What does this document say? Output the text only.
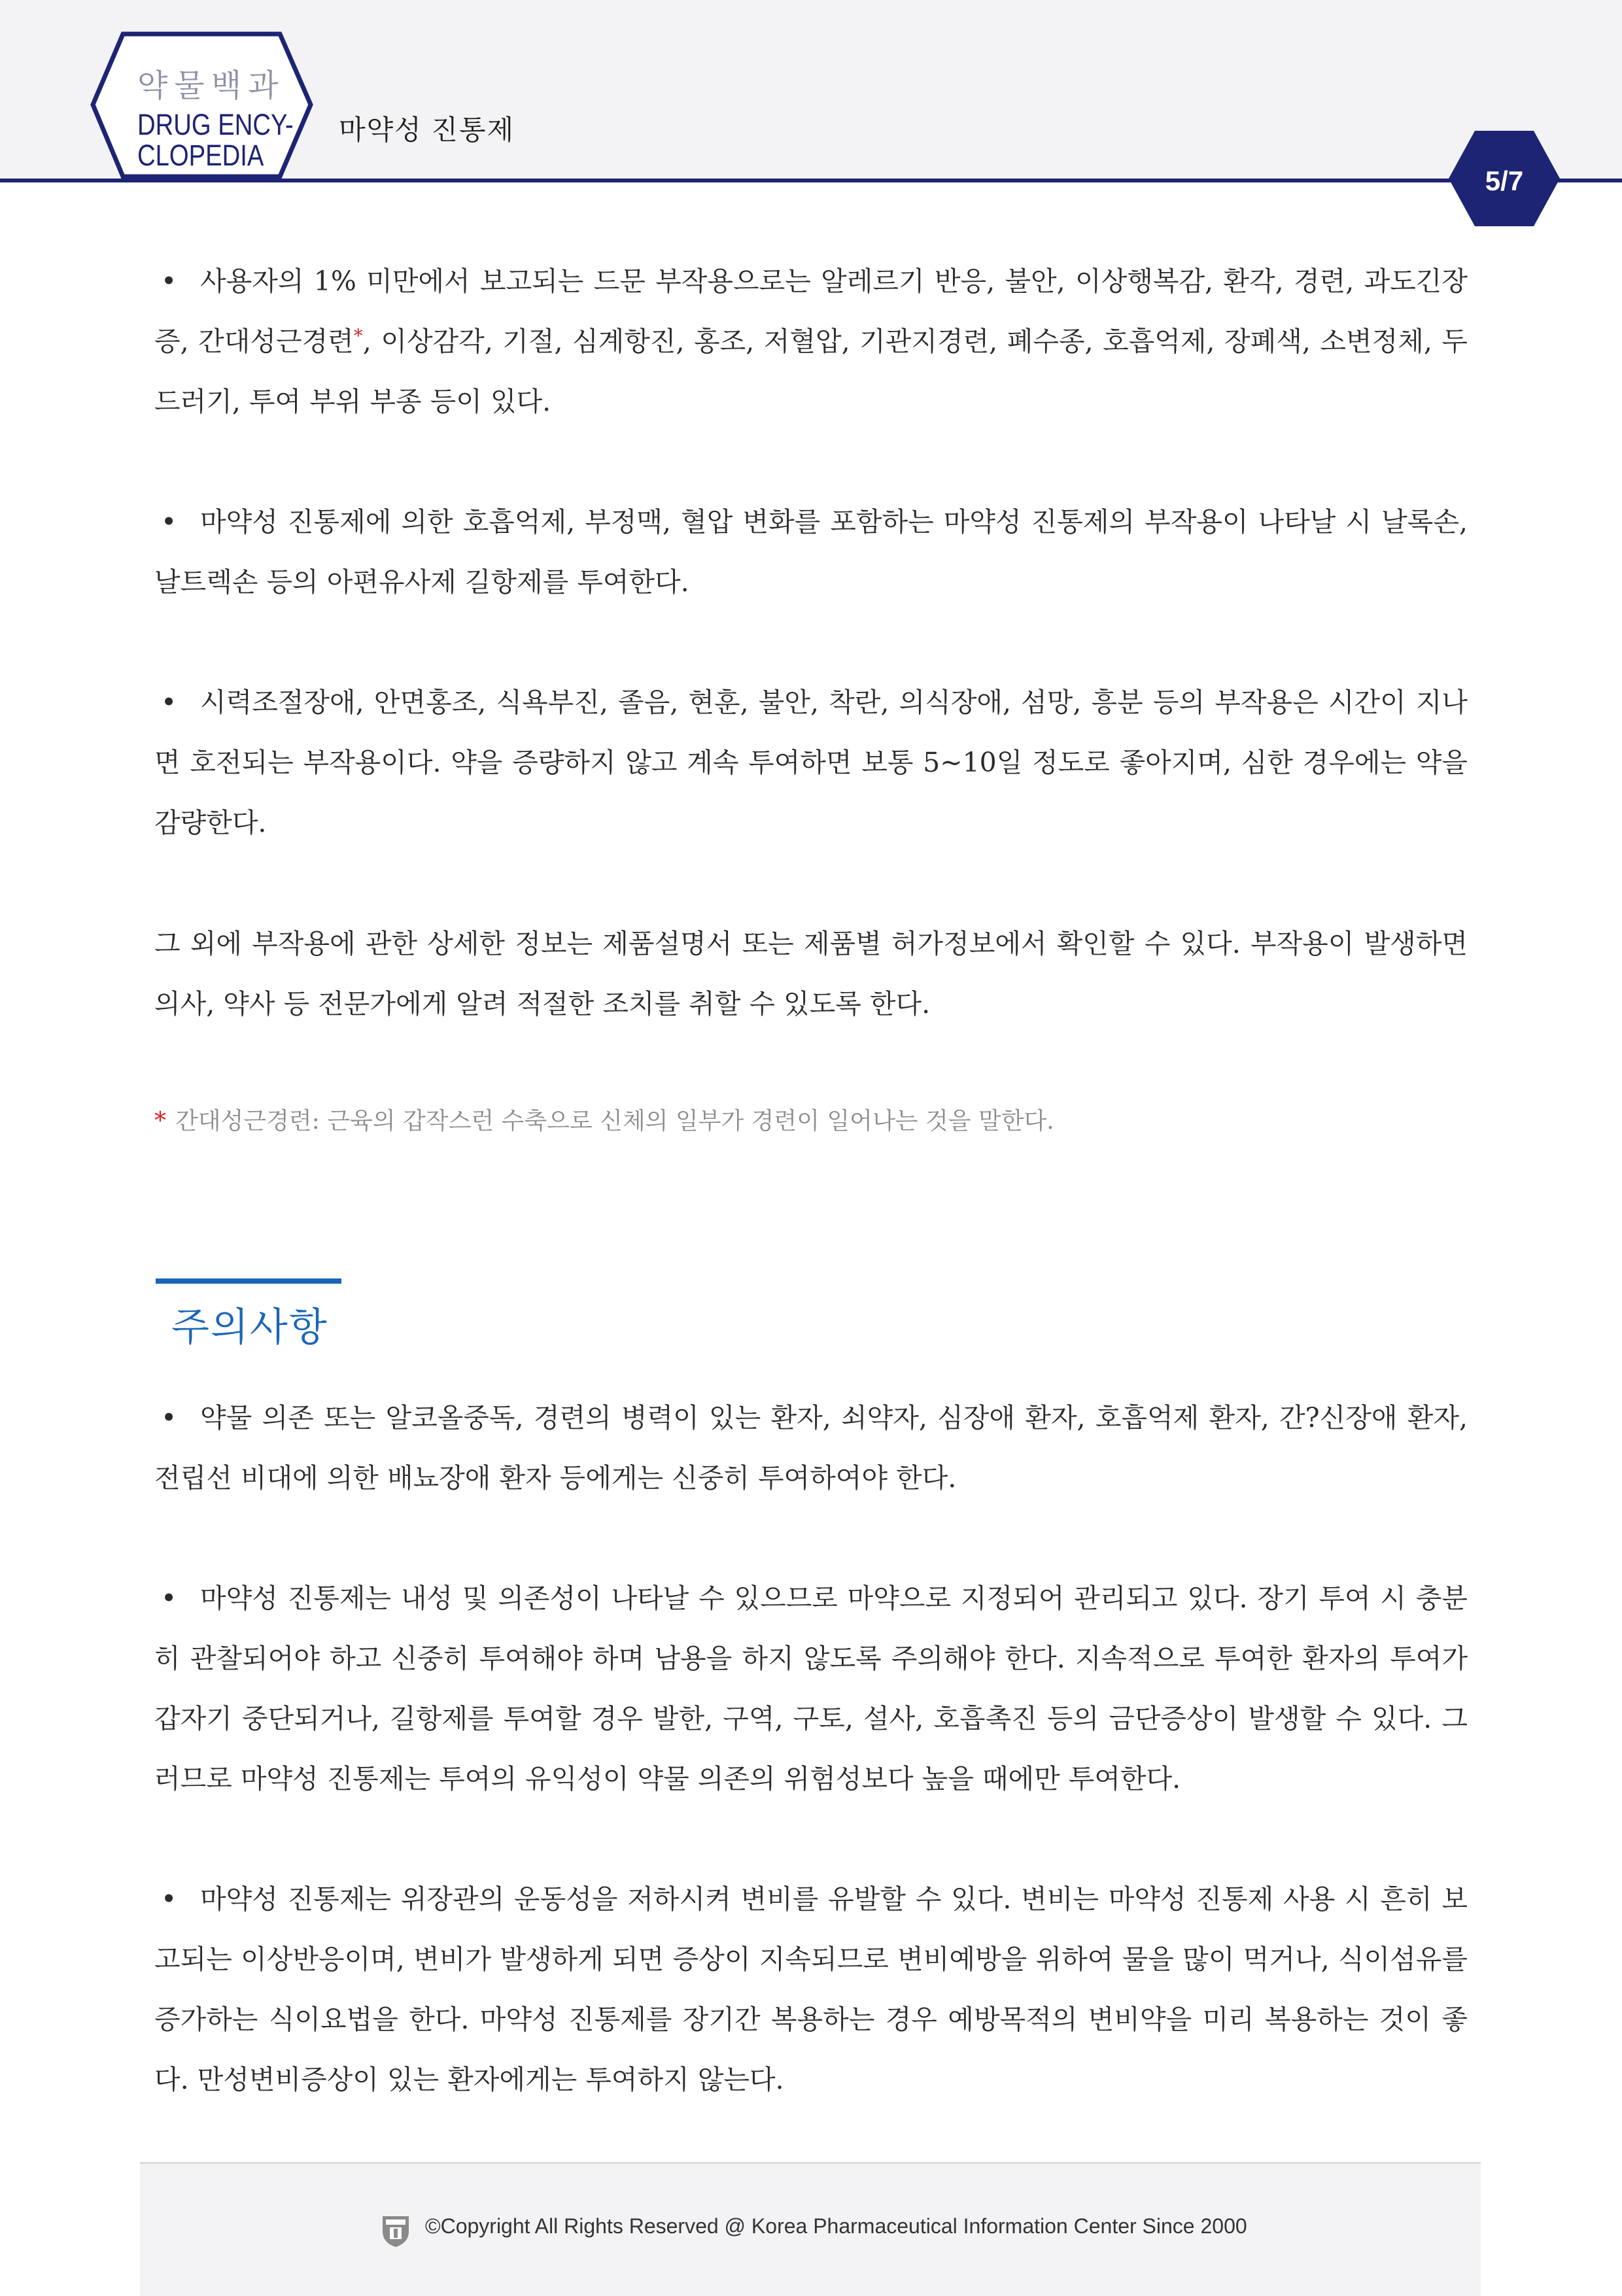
약물백과
DRUG ENCY-
CLOPEDIA
마약성 진통제
5/7

• 사용자의 1% 미만에서 보고되는 드문 부작용으로는 알레르기 반응, 불안, 이상행복감, 환각, 경련, 과도긴장증, 간대성근경련*, 이상감각, 기절, 심계항진, 홍조, 저혈압, 기관지경련, 폐수종, 호흡억제, 장폐색, 소변정체, 두드러기, 투여 부위 부종 등이 있다.

• 마약성 진통제에 의한 호흡억제, 부정맥, 혈압 변화를 포함하는 마약성 진통제의 부작용이 나타날 시 날록손, 날트렉손 등의 아편유사제 길항제를 투여한다.

• 시력조절장애, 안면홍조, 식욕부진, 졸음, 현훈, 불안, 착란, 의식장애, 섬망, 흥분 등의 부작용은 시간이 지나면 호전되는 부작용이다. 약을 증량하지 않고 계속 투여하면 보통 5~10일 정도로 좋아지며, 심한 경우에는 약을 감량한다.

그 외에 부작용에 관한 상세한 정보는 제품설명서 또는 제품별 허가정보에서 확인할 수 있다. 부작용이 발생하면 의사, 약사 등 전문가에게 알려 적절한 조치를 취할 수 있도록 한다.

* 간대성근경련: 근육의 갑작스런 수축으로 신체의 일부가 경련이 일어나는 것을 말한다.

주의사항

• 약물 의존 또는 알코올중독, 경련의 병력이 있는 환자, 쇠약자, 심장애 환자, 호흡억제 환자, 간?신장애 환자, 전립선 비대에 의한 배뇨장애 환자 등에게는 신중히 투여하여야 한다.

• 마약성 진통제는 내성 및 의존성이 나타날 수 있으므로 마약으로 지정되어 관리되고 있다. 장기 투여 시 충분히 관찰되어야 하고 신중히 투여해야 하며 남용을 하지 않도록 주의해야 한다. 지속적으로 투여한 환자의 투여가 갑자기 중단되거나, 길항제를 투여할 경우 발한, 구역, 구토, 설사, 호흡촉진 등의 금단증상이 발생할 수 있다. 그러므로 마약성 진통제는 투여의 유익성이 약물 의존의 위험성보다 높을 때에만 투여한다.

• 마약성 진통제는 위장관의 운동성을 저하시켜 변비를 유발할 수 있다. 변비는 마약성 진통제 사용 시 흔히 보고되는 이상반응이며, 변비가 발생하게 되면 증상이 지속되므로 변비예방을 위하여 물을 많이 먹거나, 식이섬유를 증가하는 식이요법을 한다. 마약성 진통제를 장기간 복용하는 경우 예방목적의 변비약을 미리 복용하는 것이 좋다. 만성변비증상이 있는 환자에게는 투여하지 않는다.

©Copyright All Rights Reserved @ Korea Pharmaceutical Information Center Since 2000
